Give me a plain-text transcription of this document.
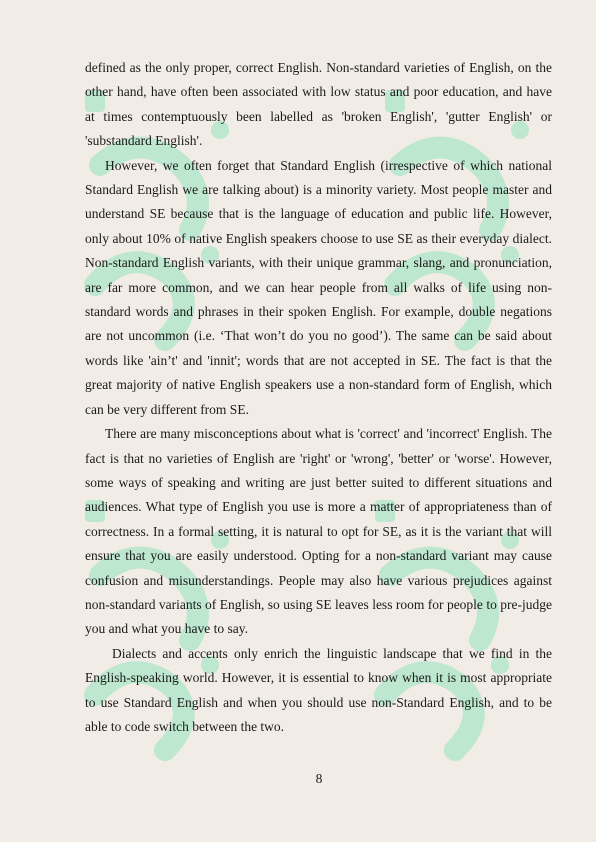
defined as the only proper, correct English. Non-standard varieties of English, on the other hand, have often been associated with low status and poor education, and have at times contemptuously been labelled as 'broken English', 'gutter English' or 'substandard English'.

However, we often forget that Standard English (irrespective of which national Standard English we are talking about) is a minority variety. Most people master and understand SE because that is the language of education and public life. However, only about 10% of native English speakers choose to use SE as their everyday dialect. Non-standard English variants, with their unique grammar, slang, and pronunciation, are far more common, and we can hear people from all walks of life using non-standard words and phrases in their spoken English. For example, double negations are not uncommon (i.e. ‘That won’t do you no good’). The same can be said about words like 'ain’t' and 'innit'; words that are not accepted in SE. The fact is that the great majority of native English speakers use a non-standard form of English, which can be very different from SE.

There are many misconceptions about what is 'correct' and 'incorrect' English. The fact is that no varieties of English are 'right' or 'wrong', 'better' or 'worse'. However, some ways of speaking and writing are just better suited to different situations and audiences. What type of English you use is more a matter of appropriateness than of correctness. In a formal setting, it is natural to opt for SE, as it is the variant that will ensure that you are easily understood. Opting for a non-standard variant may cause confusion and misunderstandings. People may also have various prejudices against non-standard variants of English, so using SE leaves less room for people to pre-judge you and what you have to say.

Dialects and accents only enrich the linguistic landscape that we find in the English-speaking world. However, it is essential to know when it is most appropriate to use Standard English and when you should use non-Standard English, and to be able to code switch between the two.

8
